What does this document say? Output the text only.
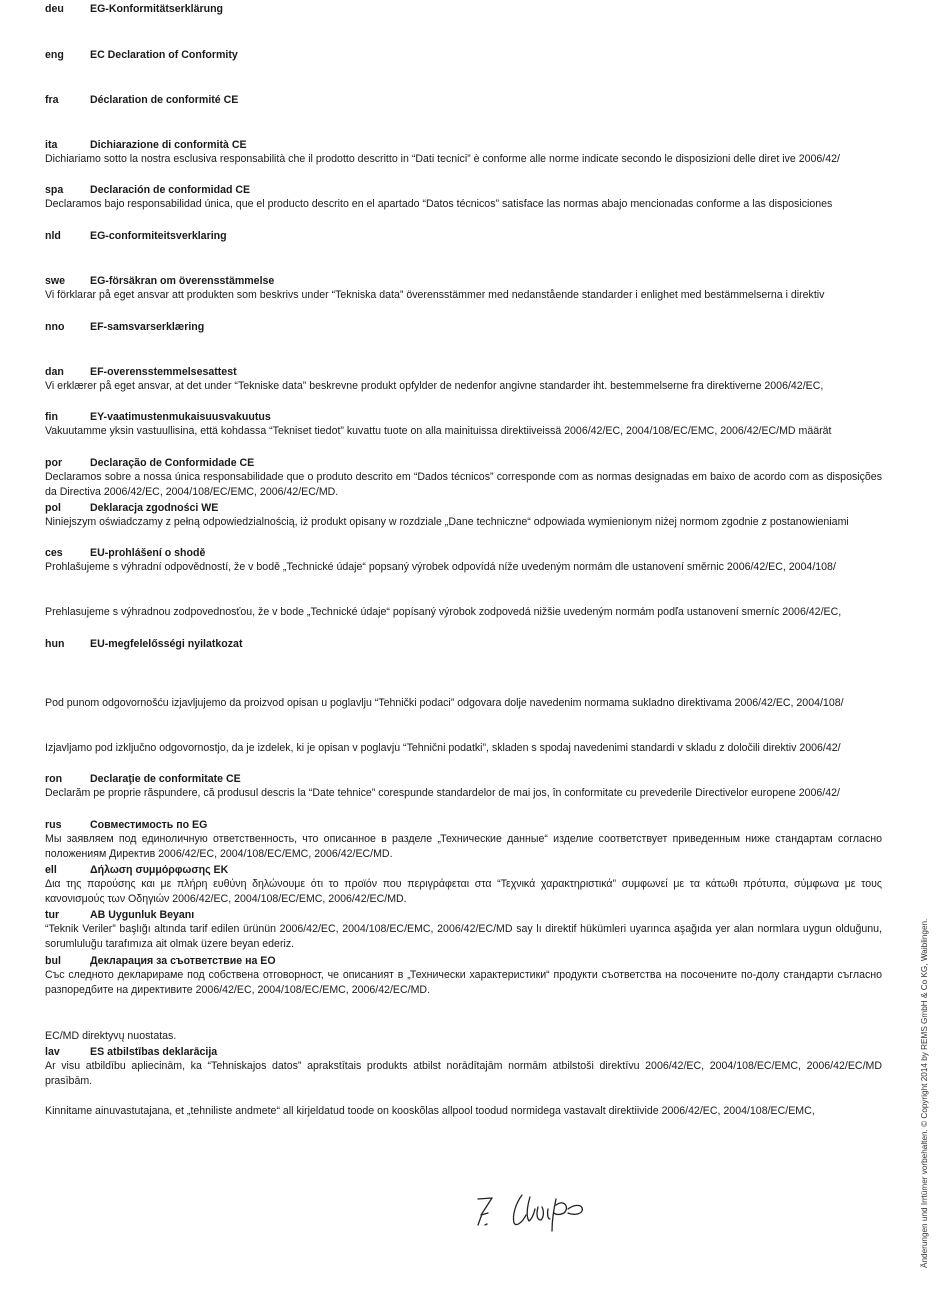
deu EG-Konformitätserklärung
eng EC Declaration of Conformity
fra	Déclaration de conformité CE
ita	Dichiarazione di conformità CE
Dichiariamo sotto la nostra esclusiva responsabilità che il prodotto descritto in “Dati tecnici” è conforme alle norme indicate secondo le disposizioni delle diret ive 2006/42/
spa	Declaración de conformidad CE
Declaramos bajo responsabilidad única, que el producto descrito en el apartado “Datos técnicos” satisface las normas abajo mencionadas conforme a las disposiciones
nld	EG-conformiteitsverklaring
swe EG-försäkran om överensstämmelse
Vi förklarar på eget ansvar att produkten som beskrivs under “Tekniska data” överensstämmer med nedanstående standarder i enlighet med bestämmelserna i direktiv
nno EF-samsvarserklæring
dan EF-overensstemmelsesattest
Vi erklærer på eget ansvar, at det under “Tekniske data” beskrevne produkt opfylder de nedenfor angivne standarder iht. bestemmelserne fra direktiverne 2006/42/EC,
fin	EY-vaatimustenmukaisuusvakuutus
Vakuutamme yksin vastuullisina, että kohdassa “Tekniset tiedot” kuvattu tuote on alla mainituissa direktiiveissä 2006/42/EC, 2004/108/EC/EMC, 2006/42/EC/MD määrät
por	Declaração de Conformidade CE
Declaramos sobre a nossa única responsabilidade que o produto descrito em “Dados técnicos” corresponde com as normas designadas em baixo de acordo com as disposições da Directiva 2006/42/EC, 2004/108/EC/EMC, 2006/42/EC/MD.
pol	Deklaracja zgodności WE
Niniejszym oświadczamy z pełną odpowiedzialnością, iż produkt opisany w rozdziale „Dane techniczne“ odpowiada wymienionym niżej normom zgodnie z postanowieniami
ces	EU-prohlášení o shodě
Prohlašujeme s výhradní odpovědností, že v bodě „Technické údaje“ popsaný výrobek odpovídá níže uvedeným normám dle ustanovení směrnic 2006/42/EC, 2004/108/
Prehlasujeme s výhradnou zodpovednosťou, že v bode „Technické údaje“ popísaný výrobok zodpovedá nižšie uvedeným normám podľa ustanovení smerníc 2006/42/EC,
hun EU-megfelelősségi nyilatkozat
Pod punom odgovornošću izjavljujemo da proizvod opisan u poglavlju “Tehnički podaci” odgovara dolje navedenim normama sukladno direktivama 2006/42/EC, 2004/108/
Izjavljamo pod izključno odgovornostjo, da je izdelek, ki je opisan v poglavju “Tehnični podatki”, skladen s spodaj navedenimi standardi v skladu z določili direktiv 2006/42/
ron	Declaraţie de conformitate CE
Declarăm pe proprie răspundere, că produsul descris la “Date tehnice” corespunde standardelor de mai jos, în conformitate cu prevederile Directivelor europene 2006/42/
rus	Совместимость по EG
Мы заявляем под единоличную ответственность, что описанное в разделе „Технические данные“ изделие соответствует приведенным ниже стандартам согласно положениям Директив 2006/42/EC, 2004/108/EC/EMC, 2006/42/EC/MD.
ell	Δήλωση συμμόρφωσης ΕΚ
Δια της παρούσης και με πλήρη ευθύνη δηλώνουμε ότι το προϊόν που περιγράφεται στα “Τεχνικά χαρακτηριστικά” συμφωνεί με τα κάτωθι πρότυπα, σύμφωνα με τους κανονισμούς των Οδηγιών 2006/42/EC, 2004/108/EC/EMC, 2006/42/EC/MD.
tur	AB Uygunluk Beyanı
“Teknik Veriler” başlığı altında tarif edilen ürünün 2006/42/EC, 2004/108/EC/EMC, 2006/42/EC/MD say lı direktif hükümleri uyarınca aşağıda yer alan normlara uygun olduğunu, sorumluluğu tarafımıza ait olmak üzere beyan ederiz.
bul	Декларация за съответствие на ЕО
Със следното декларираме под собствена отговорност, че описаният в „Технически характеристики“ продукти съответства на посочените по-долу стандарти съгласно разпоредбите на директивите 2006/42/EC, 2004/108/EC/EMC, 2006/42/EC/MD.
EC/MD direktyvų nuostatas.
lav	ES atbilstības deklarācija
Ar visu atbildību apliecinām, ka “Tehniskajos datos” aprakstītais produkts atbilst norādītajām normām atbilstoši direktīvu 2006/42/EC, 2004/108/EC/EMC, 2006/42/EC/MD prasībām.
Kinnitame ainuvastutajana, et „tehniliste andmete“ all kirjeldatud toode on kooskõlas allpool toodud normidega vastavalt direktiivide 2006/42/EC, 2004/108/EC/EMC,	Änderungen und Irrtümer vorbehalten. © Copyright 2014 by REMS GmbH & Co KG, Waiblingen.
